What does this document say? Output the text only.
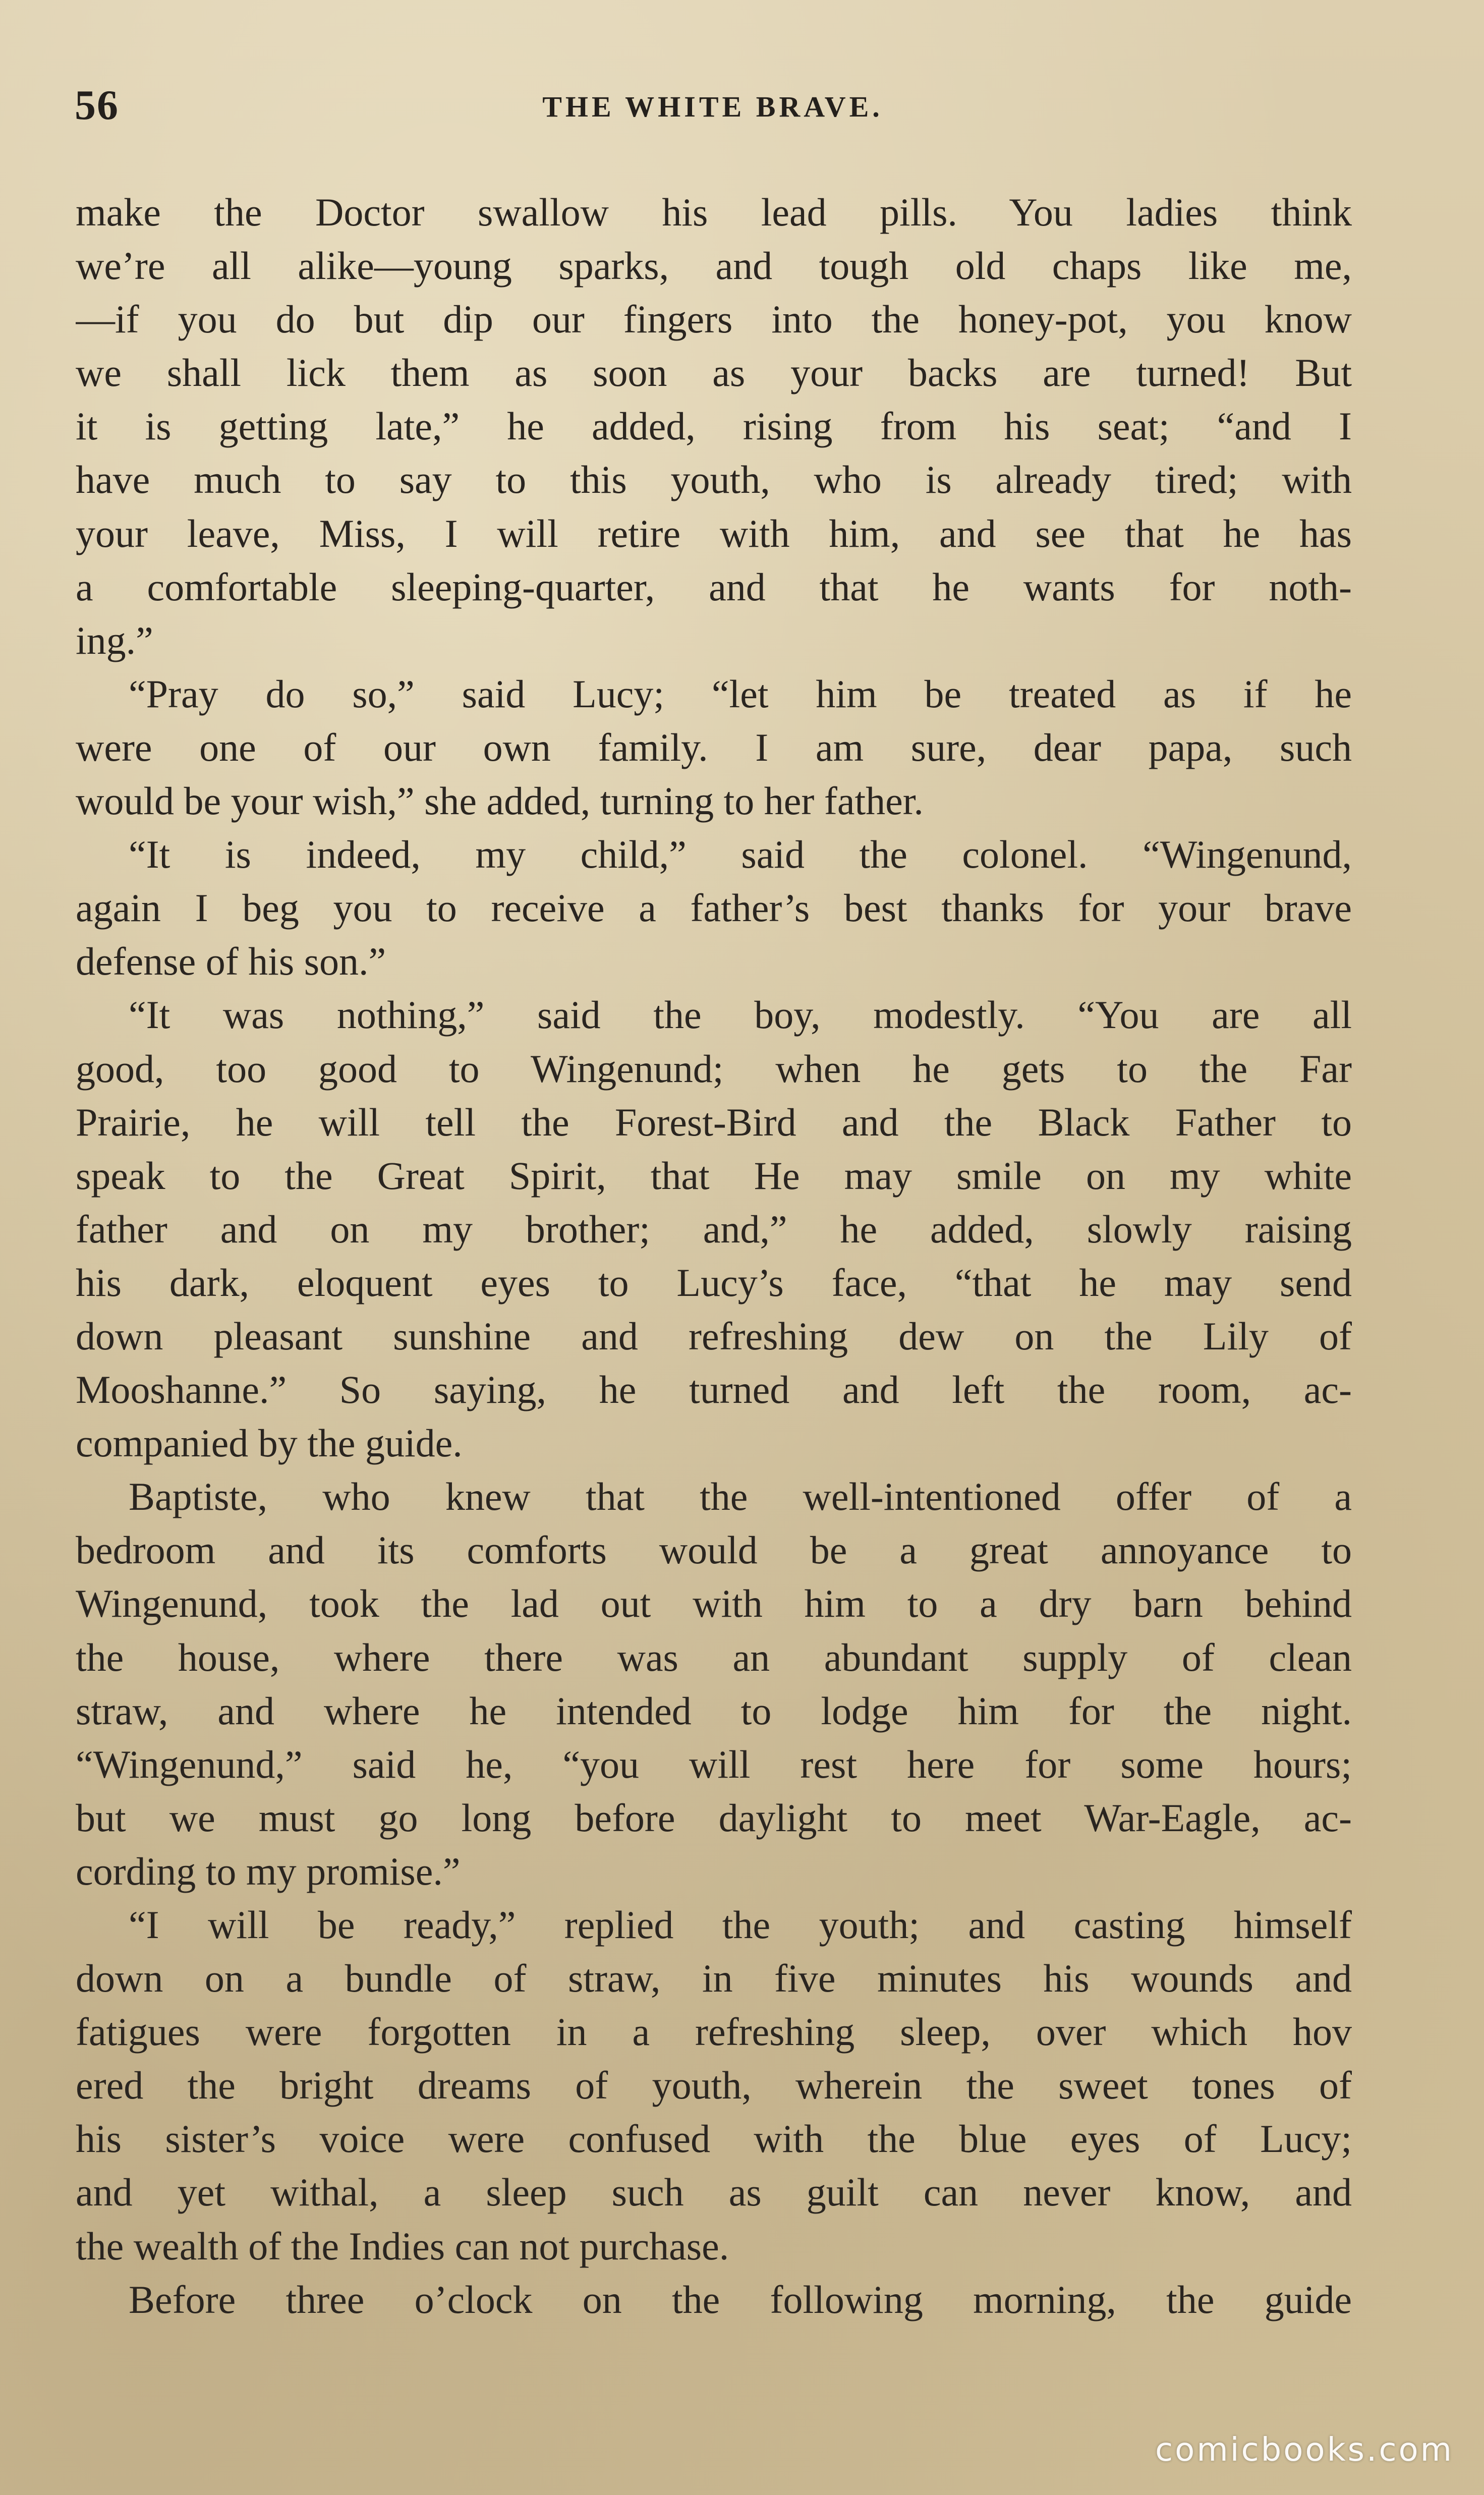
56	THE WHITE BRAVE.
make the Doctor swallow his lead pills. You ladies think
we’re all alike—young sparks, and tough old chaps like me,
—if you do but dip our fingers into the honey-pot, you know
we shall lick them as soon as your backs are turned! But
it is getting late,” he added, rising from his seat; “and I
have much to say to this youth, who is already tired; with
your leave, Miss, I will retire with him, and see that he has
a comfortable sleeping-quarter, and that he wants for noth-
ing.”
“Pray do so,” said Lucy; “let him be treated as if he
were one of our own family. I am sure, dear papa, such
would be your wish,” she added, turning to her father.
“It is indeed, my child,” said the colonel. “Wingenund,
again I beg you to receive a father’s best thanks for your brave
defense of his son.”
“It was nothing,” said the boy, modestly. “You are all
good, too good to Wingenund; when he gets to the Far
Prairie, he will tell the Forest-Bird and the Black Father to
speak to the Great Spirit, that He may smile on my white
father and on my brother; and,” he added, slowly raising
his dark, eloquent eyes to Lucy’s face, “that he may send
down pleasant sunshine and refreshing dew on the Lily of
Mooshanne.” So saying, he turned and left the room, ac-
companied by the guide.
Baptiste, who knew that the well-intentioned offer of a
bedroom and its comforts would be a great annoyance to
Wingenund, took the lad out with him to a dry barn behind
the house, where there was an abundant supply of clean
straw, and where he intended to lodge him for the night.
“Wingenund,” said he, “you will rest here for some hours;
but we must go long before daylight to meet War-Eagle, ac-
cording to my promise.”
“I will be ready,” replied the youth; and casting himself
down on a bundle of straw, in five minutes his wounds and
fatigues were forgotten in a refreshing sleep, over which hov
ered the bright dreams of youth, wherein the sweet tones of
his sister’s voice were confused with the blue eyes of Lucy;
and yet withal, a sleep such as guilt can never know, and
the wealth of the Indies can not purchase.
Before three o’clock on the following morning, the guide
comicbooks.com
